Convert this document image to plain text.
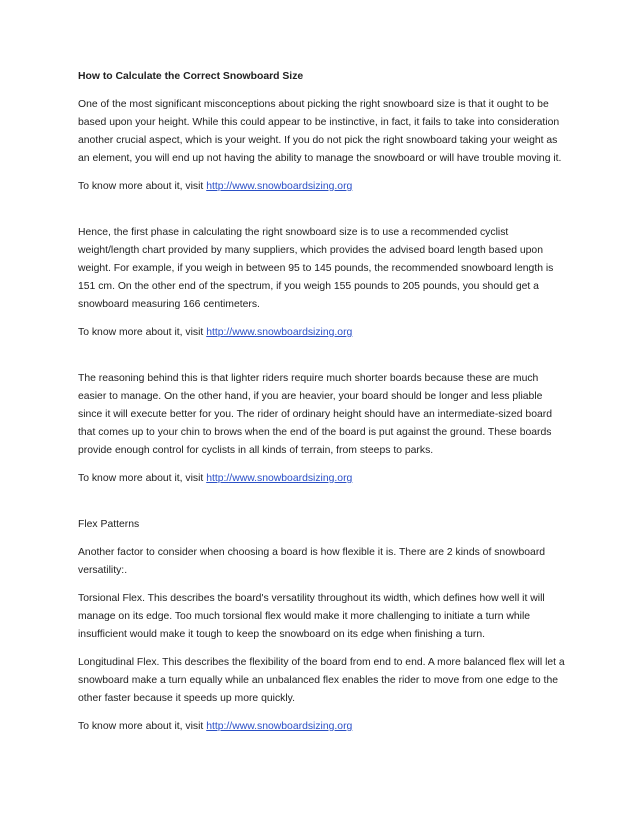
How to Calculate the Correct Snowboard Size
One of the most significant misconceptions about picking the right snowboard size is that it ought to be based upon your height. While this could appear to be instinctive, in fact, it fails to take into consideration another crucial aspect, which is your weight. If you do not pick the right snowboard taking your weight as an element, you will end up not having the ability to manage the snowboard or will have trouble moving it.
To know more about it, visit http://www.snowboardsizing.org
Hence, the first phase in calculating the right snowboard size is to use a recommended cyclist weight/length chart provided by many suppliers, which provides the advised board length based upon weight. For example, if you weigh in between 95 to 145 pounds, the recommended snowboard length is 151 cm. On the other end of the spectrum, if you weigh 155 pounds to 205 pounds, you should get a snowboard measuring 166 centimeters.
To know more about it, visit http://www.snowboardsizing.org
The reasoning behind this is that lighter riders require much shorter boards because these are much easier to manage. On the other hand, if you are heavier, your board should be longer and less pliable since it will execute better for you. The rider of ordinary height should have an intermediate-sized board that comes up to your chin to brows when the end of the board is put against the ground. These boards provide enough control for cyclists in all kinds of terrain, from steeps to parks.
To know more about it, visit http://www.snowboardsizing.org
Flex Patterns
Another factor to consider when choosing a board is how flexible it is. There are 2 kinds of snowboard versatility:.
Torsional Flex. This describes the board's versatility throughout its width, which defines how well it will manage on its edge. Too much torsional flex would make it more challenging to initiate a turn while insufficient would make it tough to keep the snowboard on its edge when finishing a turn.
Longitudinal Flex. This describes the flexibility of the board from end to end. A more balanced flex will let a snowboard make a turn equally while an unbalanced flex enables the rider to move from one edge to the other faster because it speeds up more quickly.
To know more about it, visit http://www.snowboardsizing.org
